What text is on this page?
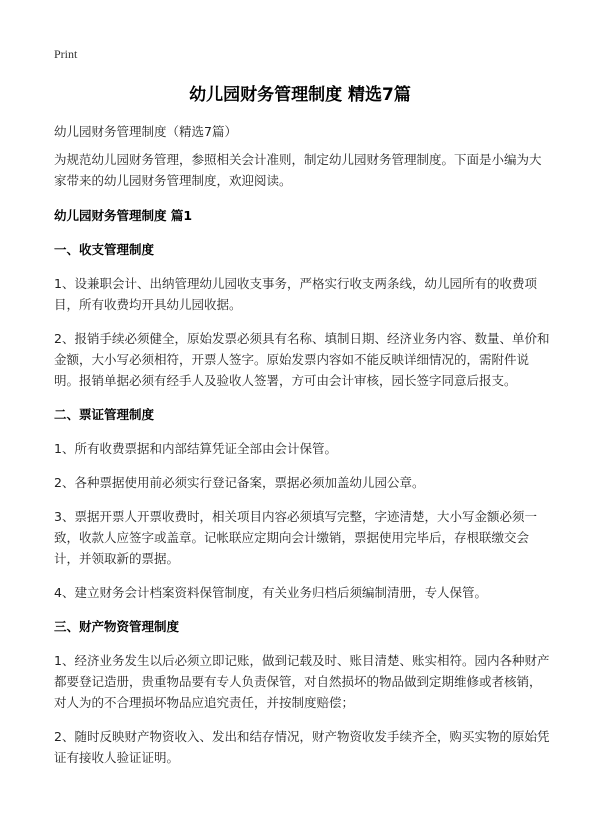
Print
幼儿园财务管理制度 精选7篇

幼儿园财务管理制度（精选7篇）

为规范幼儿园财务管理，参照相关会计准则，制定幼儿园财务管理制度。下面是小编为大家带来的幼儿园财务管理制度，欢迎阅读。

幼儿园财务管理制度 篇1
一、收支管理制度

1、设兼职会计、出纳管理幼儿园收支事务，严格实行收支两条线，幼儿园所有的收费项目，所有收费均开具幼儿园收据。

2、报销手续必须健全，原始发票必须具有名称、填制日期、经济业务内容、数量、单价和金额，大小写必须相符，开票人签字。原始发票内容如不能反映详细情况的，需附件说明。报销单据必须有经手人及验收人签署，方可由会计审核，园长签字同意后报支。

二、票证管理制度

1、所有收费票据和内部结算凭证全部由会计保管。

2、各种票据使用前必须实行登记备案，票据必须加盖幼儿园公章。

3、票据开票人开票收费时，相关项目内容必须填写完整，字迹清楚，大小写金额必须一致，收款人应签字或盖章。记帐联应定期向会计缴销，票据使用完毕后，存根联缴交会计，并领取新的票据。

4、建立财务会计档案资料保管制度，有关业务归档后须编制清册，专人保管。

三、财产物资管理制度

1、经济业务发生以后必须立即记账，做到记载及时、账目清楚、账实相符。园内各种财产都要登记造册，贵重物品要有专人负责保管，对自然损坏的物品做到定期维修或者核销，对人为的不合理损坏物品应追究责任，并按制度赔偿；

2、随时反映财产物资收入、发出和结存情况，财产物资收发手续齐全，购买实物的原始凭证有接收人验证证明。
